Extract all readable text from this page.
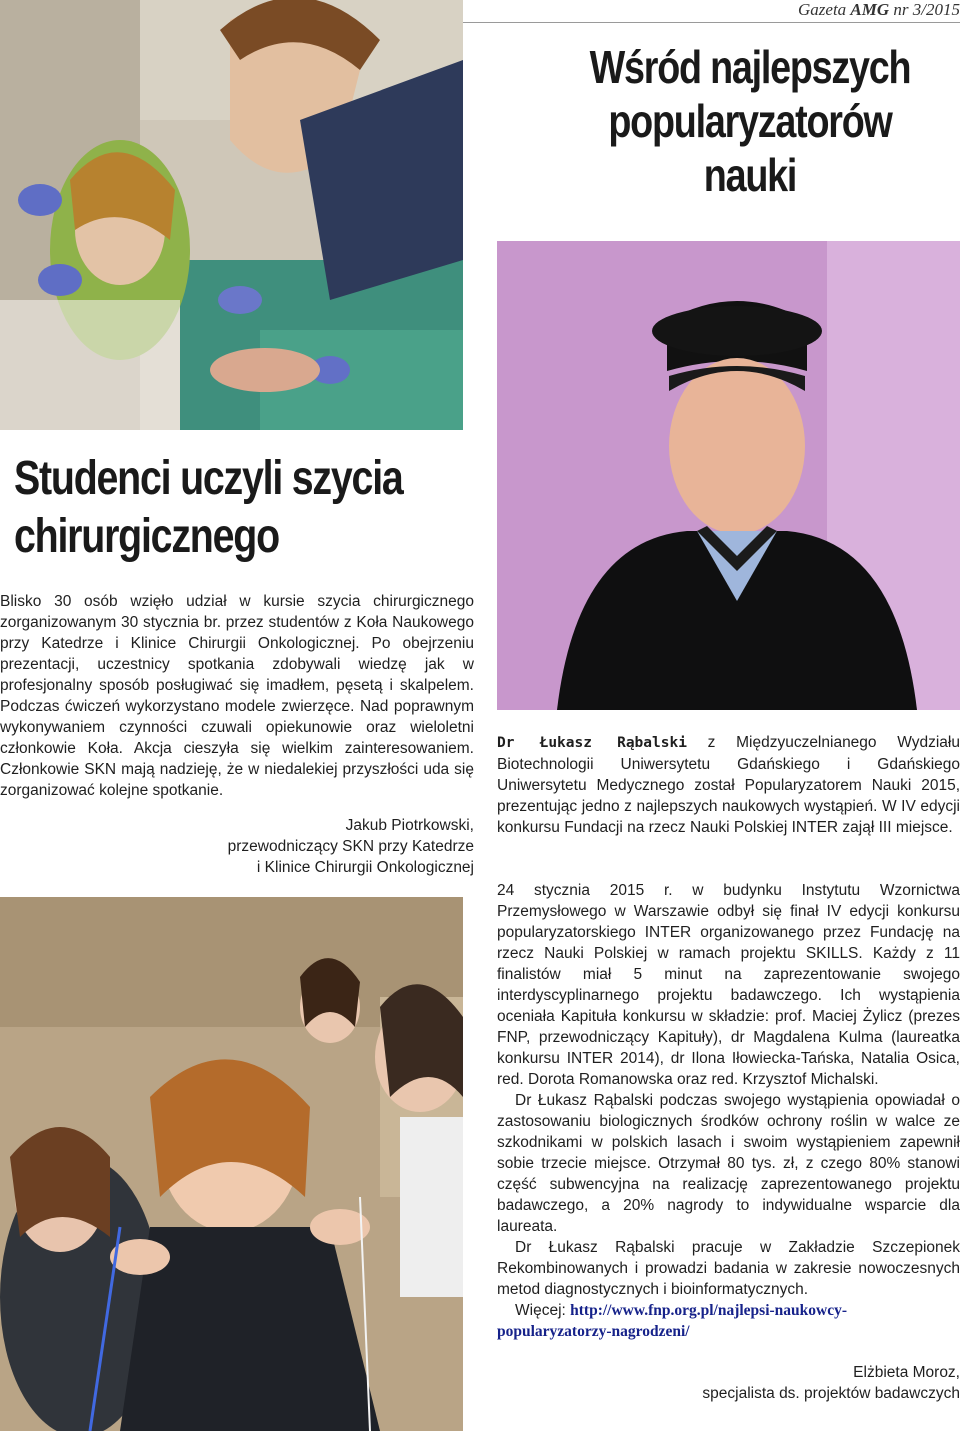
Gazeta AMG nr 3/2015
Wśród najlepszych
popularyzatorów
nauki
Studenci uczyli szycia
chirurgicznego

Blisko 30 osób wzięło udział w kursie szycia chirurgicznego zorganizowanym 30 stycznia br. przez studentów z Koła Naukowego przy Katedrze i Klinice Chirurgii Onkologicznej. Po obejrzeniu prezentacji, uczestnicy spotkania zdobywali wiedzę jak w profesjonalny sposób posługiwać się imadłem, pęsetą i skalpelem. Podczas ćwiczeń wykorzystano modele zwierzęce. Nad poprawnym wykonywaniem czynności czuwali opiekunowie oraz wieloletni członkowie Koła. Akcja cieszyła się wielkim zainteresowaniem. Członkowie SKN mają nadzieję, że w niedalekiej przyszłości uda się zorganizować kolejne spotkanie.

Jakub Piotrkowski,
przewodniczący SKN przy Katedrze
i Klinice Chirurgii Onkologicznej

Dr Łukasz Rąbalski z Międzyuczelnianego Wydziału Biotechnologii Uniwersytetu Gdańskiego i Gdańskiego Uniwersytetu Medycznego został Popularyzatorem Nauki 2015, prezentując jedno z najlepszych naukowych wystąpień. W IV edycji konkursu Fundacji na rzecz Nauki Polskiej INTER zajął III miejsce.

24 stycznia 2015 r. w budynku Instytutu Wzornictwa Przemysłowego w Warszawie odbył się finał IV edycji konkursu popularyzatorskiego INTER organizowanego przez Fundację na rzecz Nauki Polskiej w ramach projektu SKILLS. Każdy z 11 finalistów miał 5 minut na zaprezentowanie swojego interdyscyplinarnego projektu badawczego. Ich wystąpienia oceniała Kapituła konkursu w składzie: prof. Maciej Żylicz (prezes FNP, przewodniczący Kapituły), dr Magdalena Kulma (laureatka konkursu INTER 2014), dr Ilona Iłowiecka-Tańska, Natalia Osica, red. Dorota Romanowska oraz red. Krzysztof Michalski.

Dr Łukasz Rąbalski podczas swojego wystąpienia opowiadał o zastosowaniu biologicznych środków ochrony roślin w walce ze szkodnikami w polskich lasach i swoim wystąpieniem zapewnił sobie trzecie miejsce. Otrzymał 80 tys. zł, z czego 80% stanowi część subwencyjna na realizację zaprezentowanego projektu badawczego, a 20% nagrody to indywidualne wsparcie dla laureata.

Dr Łukasz Rąbalski pracuje w Zakładzie Szczepionek Rekombinowanych i prowadzi badania w zakresie nowoczesnych metod diagnostycznych i bioinformatycznych.

Więcej: http://www.fnp.org.pl/najlepsi-naukowcy-popularyzatorzy-nagrodzeni/

Elżbieta Moroz,
specjalista ds. projektów badawczych
